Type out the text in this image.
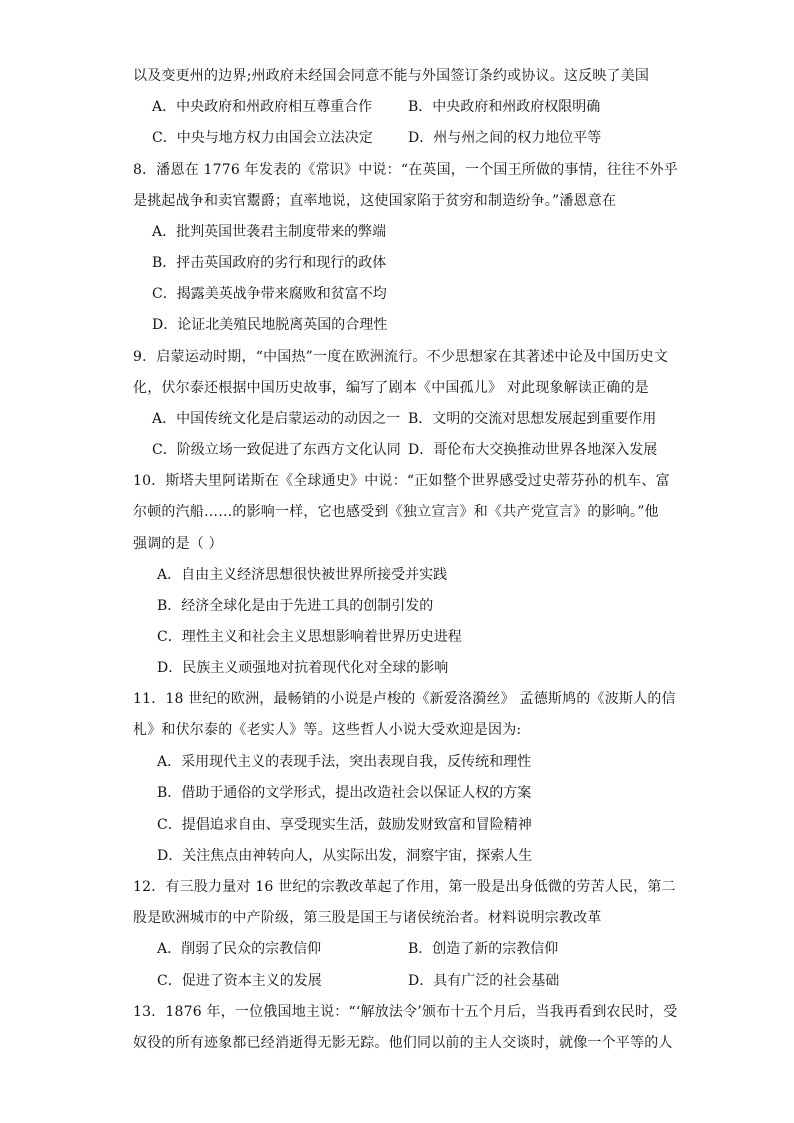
以及变更州的边界;州政府未经国会同意不能与外国签订条约或协议。这反映了美国
A．中央政府和州政府相互尊重合作	B．中央政府和州政府权限明确
C．中央与地方权力由国会立法决定	D．州与州之间的权力地位平等
8．潘恩在 1776 年发表的《常识》中说：“在英国，一个国王所做的事情，往往不外乎
是挑起战争和卖官鬻爵；直率地说，这使国家陷于贫穷和制造纷争。”潘恩意在
A．批判英国世袭君主制度带来的弊端
B．抨击英国政府的劣行和现行的政体
C．揭露美英战争带来腐败和贫富不均
D．论证北美殖民地脱离英国的合理性
9．启蒙运动时期，“中国热”一度在欧洲流行。不少思想家在其著述中论及中国历史文
化，伏尔泰还根据中国历史故事，编写了剧本《中国孤儿》 对此现象解读正确的是
A．中国传统文化是启蒙运动的动因之一 B．文明的交流对思想发展起到重要作用
C．阶级立场一致促进了东西方文化认同 D．哥伦布大交换推动世界各地深入发展
10．斯塔夫里阿诺斯在《全球通史》中说：“正如整个世界感受过史蒂芬孙的机车、富
尔顿的汽船……的影响一样，它也感受到《独立宣言》和《共产党宣言》的影响。”他
强调的是（ ）
A．自由主义经济思想很快被世界所接受并实践
B．经济全球化是由于先进工具的创制引发的
C．理性主义和社会主义思想影响着世界历史进程
D．民族主义顽强地对抗着现代化对全球的影响
11．18 世纪的欧洲，最畅销的小说是卢梭的《新爱洛漪丝》 孟德斯鸠的《波斯人的信
札》和伏尔泰的《老实人》等。这些哲人小说大受欢迎是因为:
A．采用现代主义的表现手法，突出表现自我，反传统和理性
B．借助于通俗的文学形式，提出改造社会以保证人权的方案
C．提倡追求自由、享受现实生活，鼓励发财致富和冒险精神
D．关注焦点由神转向人，从实际出发，洞察宇宙，探索人生
12．有三股力量对 16 世纪的宗教改革起了作用，第一股是出身低微的劳苦人民，第二
股是欧洲城市的中产阶级，第三股是国王与诸侯统治者。材料说明宗教改革
A．削弱了民众的宗教信仰	B．创造了新的宗教信仰
C．促进了资本主义的发展	D．具有广泛的社会基础
13．1876 年，一位俄国地主说：“‘解放法令’颁布十五个月后，当我再看到农民时，受
奴役的所有迹象都已经消逝得无影无踪。他们同以前的主人交谈时，就像一个平等的人
